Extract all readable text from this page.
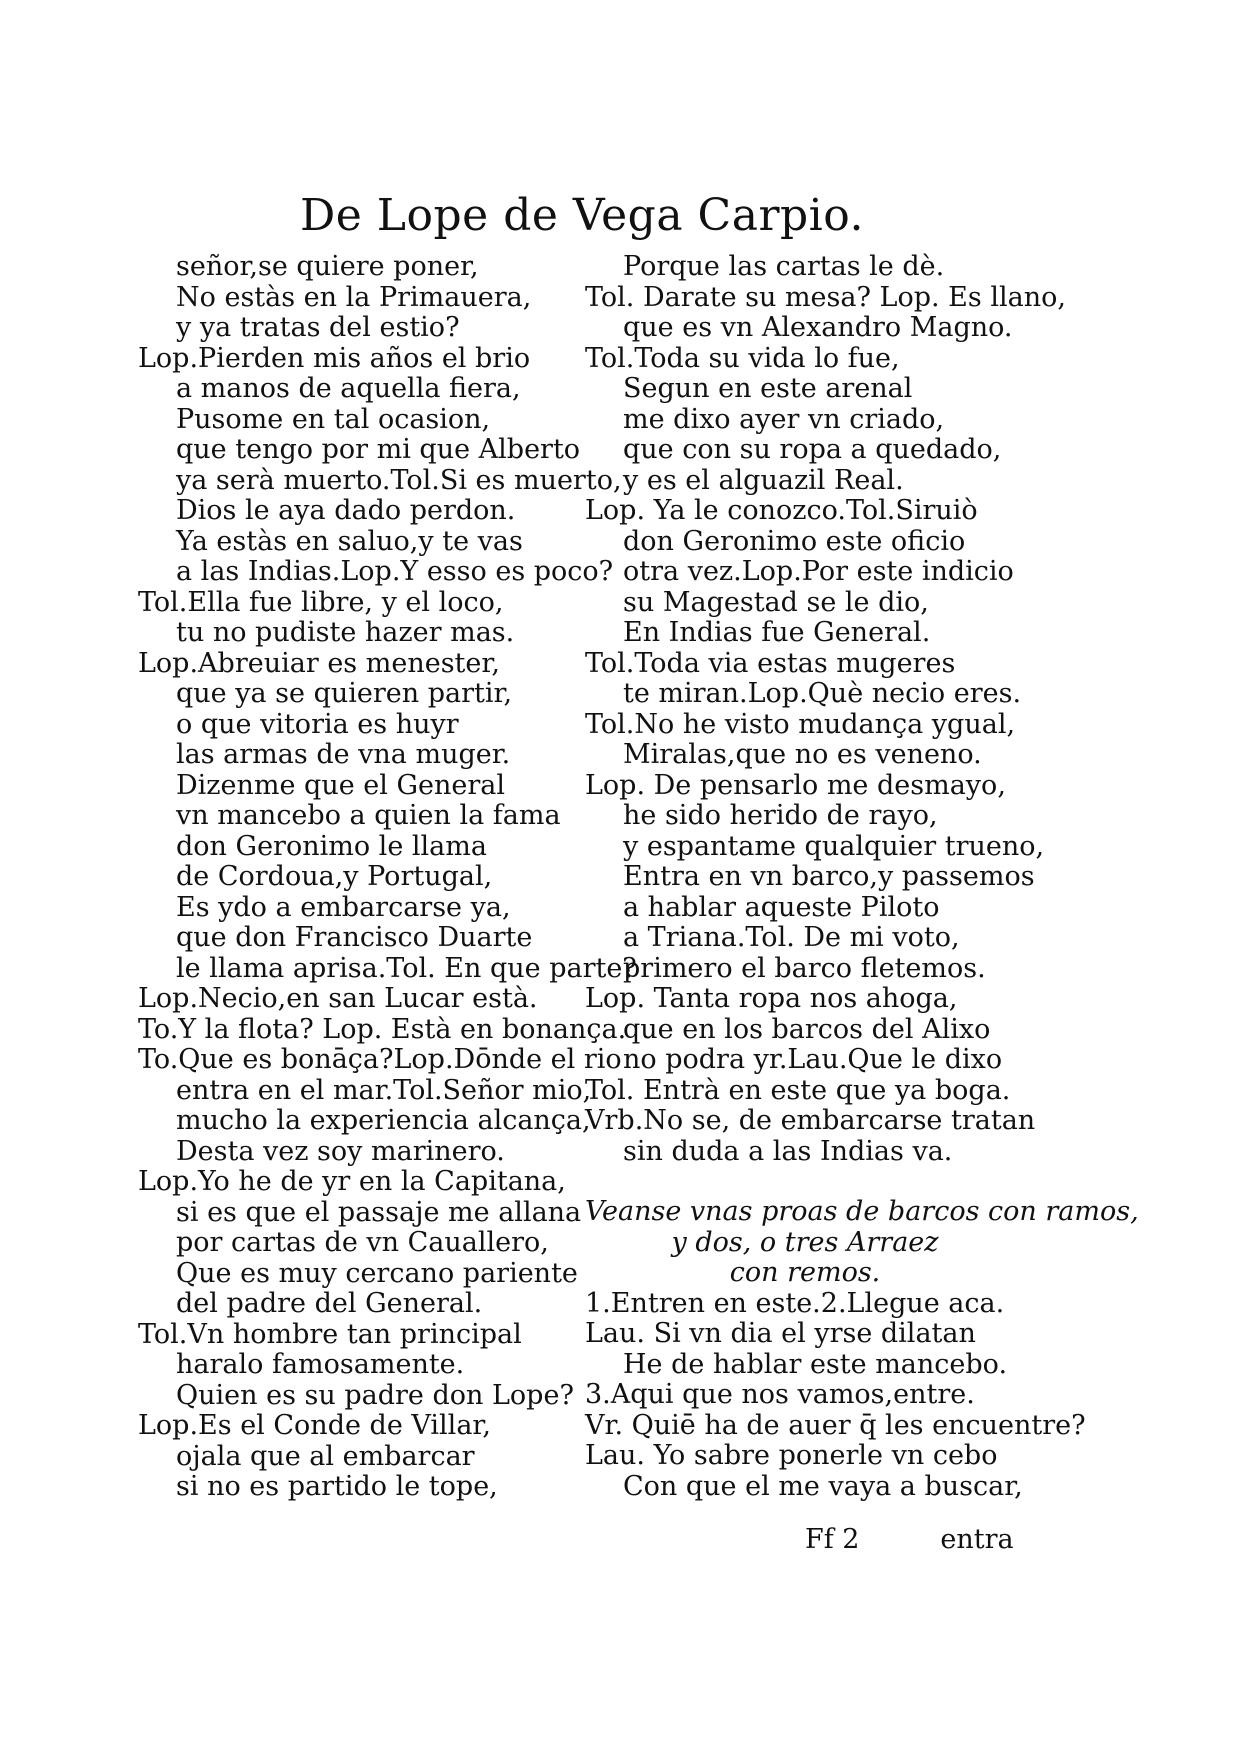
De Lope de Vega Carpio.
señor,se quiere poner,
No estàs en la Primauera,
y ya tratas del estio?
Lop.Pierden mis años el brio
a manos de aquella fiera,
Pusome en tal ocasion,
que tengo por mi que Alberto
ya serà muerto.Tol.Si es muerto,
Dios le aya dado perdon.
Ya estàs en saluo,y te vas
a las Indias.Lop.Y esso es poco?
Tol.Ella fue libre, y el loco,
tu no pudiste hazer mas.
Lop.Abreuiar es menester,
que ya se quieren partir,
o que vitoria es huyr
las armas de vna muger.
Dizenme que el General
vn mancebo a quien la fama
don Geronimo le llama
de Cordoua,y Portugal,
Es ydo a embarcarse ya,
que don Francisco Duarte
le llama aprisa.Tol. En que parte?
Lop.Necio,en san Lucar està.
To.Y la flota? Lop. Està en bonança.
To.Que es bonāça?Lop.Dōnde el rio
entra en el mar.Tol.Señor mio,
mucho la experiencia alcança,
Desta vez soy marinero.
Lop.Yo he de yr en la Capitana,
si es que el passaje me allana
por cartas de vn Cauallero,
Que es muy cercano pariente
del padre del General.
Tol.Vn hombre tan principal
haralo famosamente.
Quien es su padre don Lope?
Lop.Es el Conde de Villar,
ojala que al embarcar
si no es partido le tope,
Porque las cartas le dè.
Tol. Darate su mesa? Lop. Es llano,
que es vn Alexandro Magno.
Tol.Toda su vida lo fue,
Segun en este arenal
me dixo ayer vn criado,
que con su ropa a quedado,
y es el alguazil Real.
Lop. Ya le conozco.Tol.Siruiò
don Geronimo este oficio
otra vez.Lop.Por este indicio
su Magestad se le dio,
En Indias fue General.
Tol.Toda via estas mugeres
te miran.Lop.Què necio eres.
Tol.No he visto mudança ygual,
Miralas,que no es veneno.
Lop. De pensarlo me desmayo,
he sido herido de rayo,
y espantame qualquier trueno,
Entra en vn barco,y passemos
a hablar aqueste Piloto
a Triana.Tol. De mi voto,
primero el barco fletemos.
Lop. Tanta ropa nos ahoga,
que en los barcos del Alixo
no podra yr.Lau.Que le dixo
Tol. Entrà en este que ya boga.
Vrb.No se, de embarcarse tratan
sin duda a las Indias va.
Veanse vnas proas de barcos con ramos,
y dos, o tres Arraez
con remos.
1.Entren en este.2.Llegue aca.
Lau. Si vn dia el yrse dilatan
He de hablar este mancebo.
3.Aqui que nos vamos,entre.
Vr. Quiē ha de auer q̄ les encuentre?
Lau. Yo sabre ponerle vn cebo
Con que el me vaya a buscar,
Ff 2	entra
